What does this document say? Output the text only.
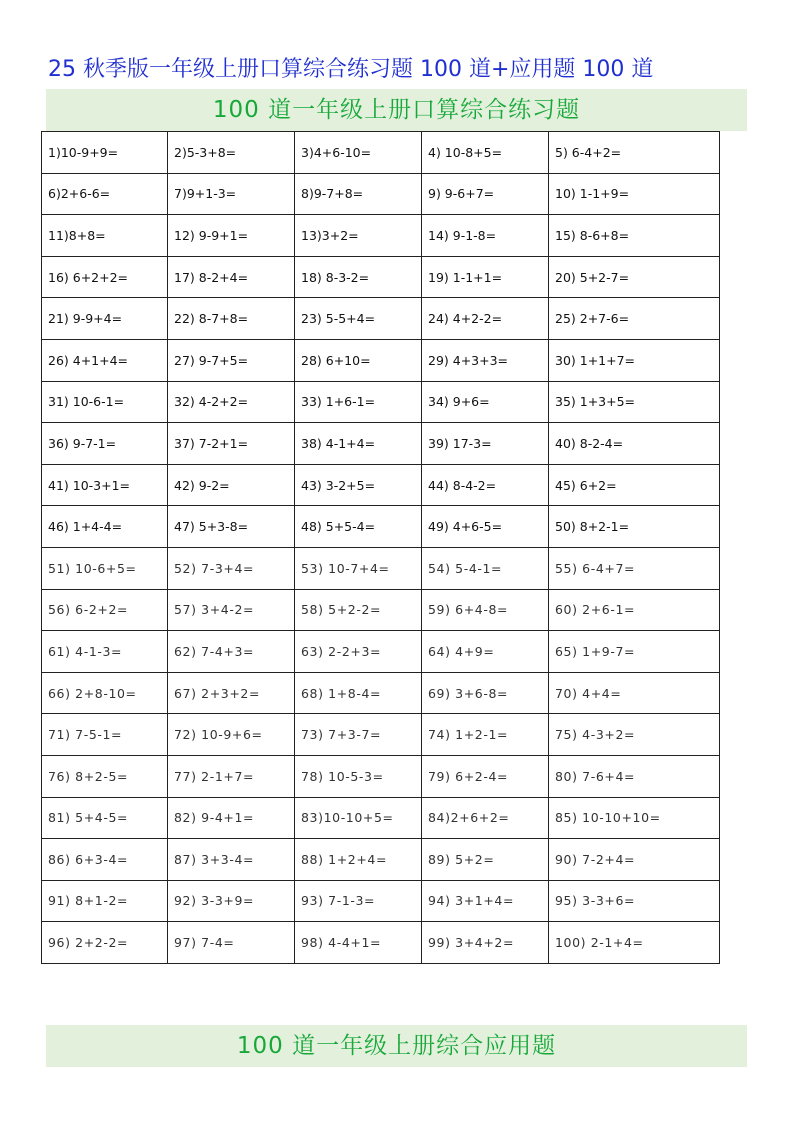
25 秋季版一年级上册口算综合练习题 100 道+应用题 100 道
100 道一年级上册口算综合练习题
1)10-9+9=	2)5-3+8=	3)4+6-10=	4) 10-8+5=	5) 6-4+2=
6)2+6-6=	7)9+1-3=	8)9-7+8=	9) 9-6+7=	10) 1-1+9=
11)8+8=	12) 9-9+1=	13)3+2=	14) 9-1-8=	15) 8-6+8=
16) 6+2+2=	17) 8-2+4=	18) 8-3-2=	19) 1-1+1=	20) 5+2-7=
21) 9-9+4=	22) 8-7+8=	23) 5-5+4=	24) 4+2-2=	25) 2+7-6=
26) 4+1+4=	27) 9-7+5=	28) 6+10=	29) 4+3+3=	30) 1+1+7=
31) 10-6-1=	32) 4-2+2=	33) 1+6-1=	34) 9+6=	35) 1+3+5=
36) 9-7-1=	37) 7-2+1=	38) 4-1+4=	39) 17-3=	40) 8-2-4=
41) 10-3+1=	42) 9-2=	43) 3-2+5=	44) 8-4-2=	45) 6+2=
46) 1+4-4=	47) 5+3-8=	48) 5+5-4=	49) 4+6-5=	50) 8+2-1=
51) 10-6+5=	52) 7-3+4=	53) 10-7+4=	54) 5-4-1=	55) 6-4+7=
56) 6-2+2=	57) 3+4-2=	58) 5+2-2=	59) 6+4-8=	60) 2+6-1=
61) 4-1-3=	62) 7-4+3=	63) 2-2+3=	64) 4+9=	65) 1+9-7=
66) 2+8-10=	67) 2+3+2=	68) 1+8-4=	69) 3+6-8=	70) 4+4=
71) 7-5-1=	72) 10-9+6=	73) 7+3-7=	74) 1+2-1=	75) 4-3+2=
76) 8+2-5=	77) 2-1+7=	78) 10-5-3=	79) 6+2-4=	80) 7-6+4=
81) 5+4-5=	82) 9-4+1=	83)10-10+5=	84)2+6+2=	85) 10-10+10=
86) 6+3-4=	87) 3+3-4=	88) 1+2+4=	89) 5+2=	90) 7-2+4=
91) 8+1-2=	92) 3-3+9=	93) 7-1-3=	94) 3+1+4=	95) 3-3+6=
96) 2+2-2=	97) 7-4=	98) 4-4+1=	99) 3+4+2=	100) 2-1+4=
100 道一年级上册综合应用题
